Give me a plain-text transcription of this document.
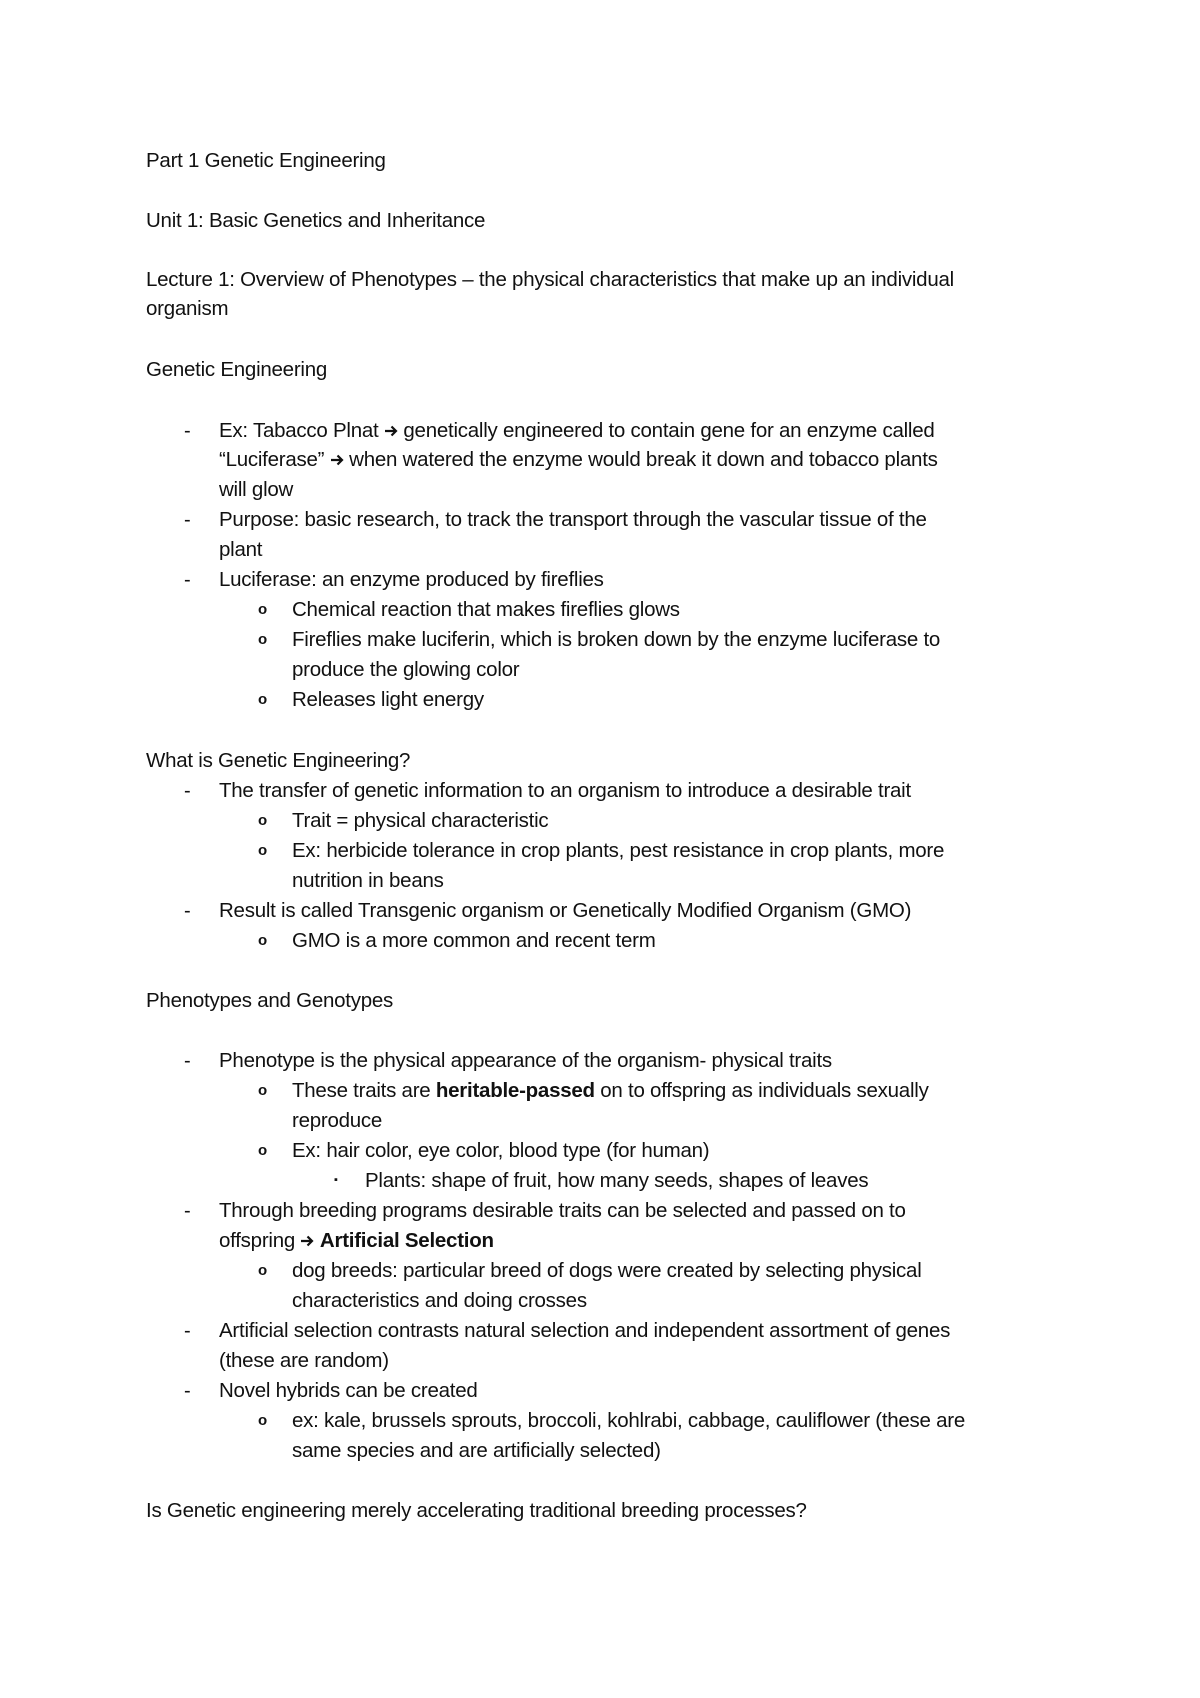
Part 1 Genetic Engineering
Unit 1: Basic Genetics and Inheritance
Lecture 1: Overview of Phenotypes – the physical characteristics that make up an individual
organism
Genetic Engineering
- Ex: Tabacco Plnat genetically engineered to contain gene for an enzyme called
“Luciferase” when watered the enzyme would break it down and tobacco plants
will glow
- Purpose: basic research, to track the transport through the vascular tissue of the
plant
- Luciferase: an enzyme produced by fireflies
o Chemical reaction that makes fireflies glows
o Fireflies make luciferin, which is broken down by the enzyme luciferase to
produce the glowing color
o Releases light energy
What is Genetic Engineering?
- The transfer of genetic information to an organism to introduce a desirable trait
o Trait = physical characteristic
o Ex: herbicide tolerance in crop plants, pest resistance in crop plants, more
nutrition in beans
- Result is called Transgenic organism or Genetically Modified Organism (GMO)
o GMO is a more common and recent term
Phenotypes and Genotypes
- Phenotype is the physical appearance of the organism- physical traits
o These traits are heritable-passed on to offspring as individuals sexually
reproduce
o Ex: hair color, eye color, blood type (for human)
▪ Plants: shape of fruit, how many seeds, shapes of leaves
- Through breeding programs desirable traits can be selected and passed on to
offspring Artificial Selection
o dog breeds: particular breed of dogs were created by selecting physical
characteristics and doing crosses
- Artificial selection contrasts natural selection and independent assortment of genes
(these are random)
- Novel hybrids can be created
o ex: kale, brussels sprouts, broccoli, kohlrabi, cabbage, cauliflower (these are
same species and are artificially selected)
Is Genetic engineering merely accelerating traditional breeding processes?
